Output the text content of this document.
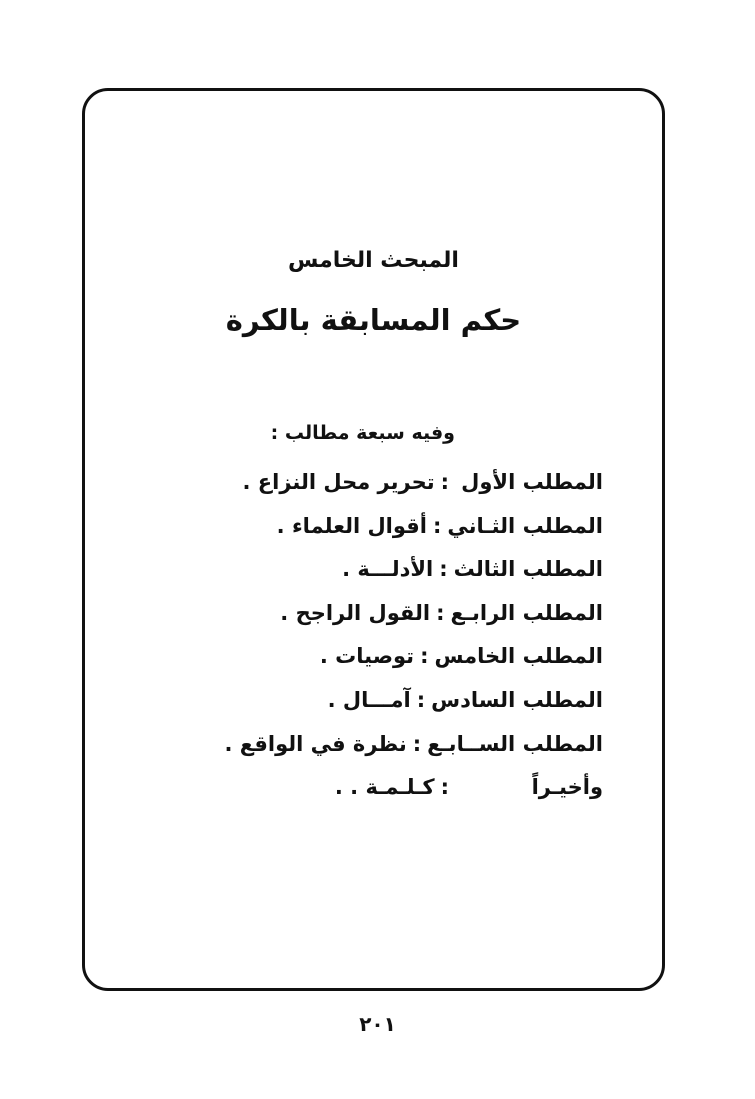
المبحث الخامس
حكم المسابقة بالكرة
وفيه سبعة مطالب :
المطلب الأول:تحرير محل النزاع .
المطلب الثـاني:أقوال العلماء .
المطلب الثالث:الأدلـــة .
المطلب الرابـع:القول الراجح .
المطلب الخامس:توصيات .
المطلب السادس:آمـــال .
المطلب الســابـع:نظرة في الواقع .
وأخيـراً:كـلـمـة . .
٢٠١
